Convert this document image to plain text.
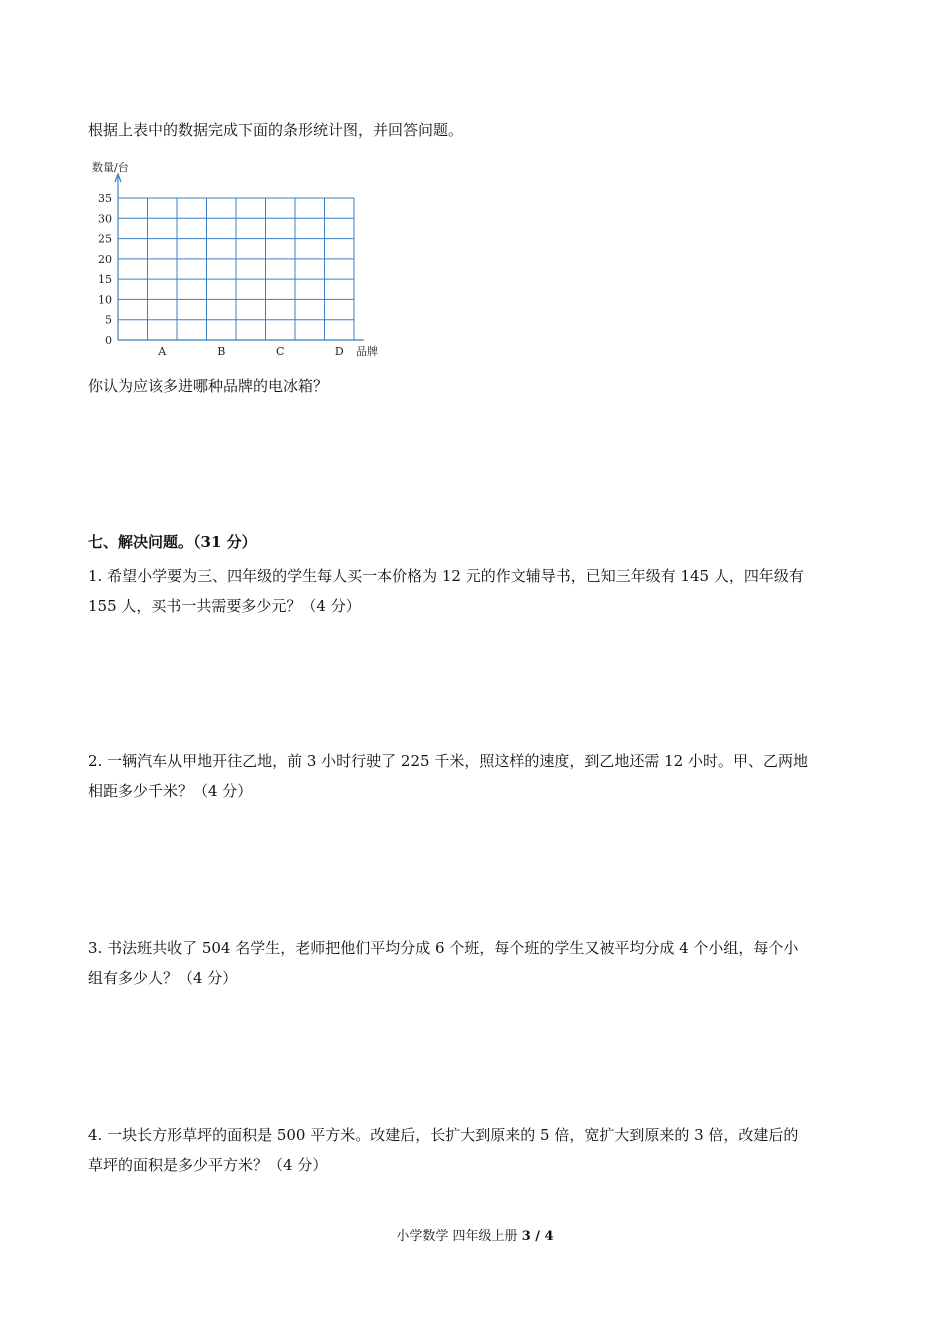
根据上表中的数据完成下面的条形统计图，并回答问题。
0
5
10
15
20
25
30
35
A	B	C	D
数量/台
品牌
你认为应该多进哪种品牌的电冰箱？
七、解决问题。（31 分）
1. 希望小学要为三、四年级的学生每人买一本价格为 12 元的作文辅导书，已知三年级有 145 人，四年级有
155 人，买书一共需要多少元？（4 分）
2. 一辆汽车从甲地开往乙地，前 3 小时行驶了 225 千米，照这样的速度，到乙地还需 12 小时。甲、乙两地
相距多少千米？（4 分）
3. 书法班共收了 504 名学生，老师把他们平均分成 6 个班，每个班的学生又被平均分成 4 个小组，每个小
组有多少人？（4 分）
4. 一块长方形草坪的面积是 500 平方米。改建后，长扩大到原来的 5 倍，宽扩大到原来的 3 倍，改建后的
草坪的面积是多少平方米？（4 分）
小学数学 四年级上册 3 / 4
